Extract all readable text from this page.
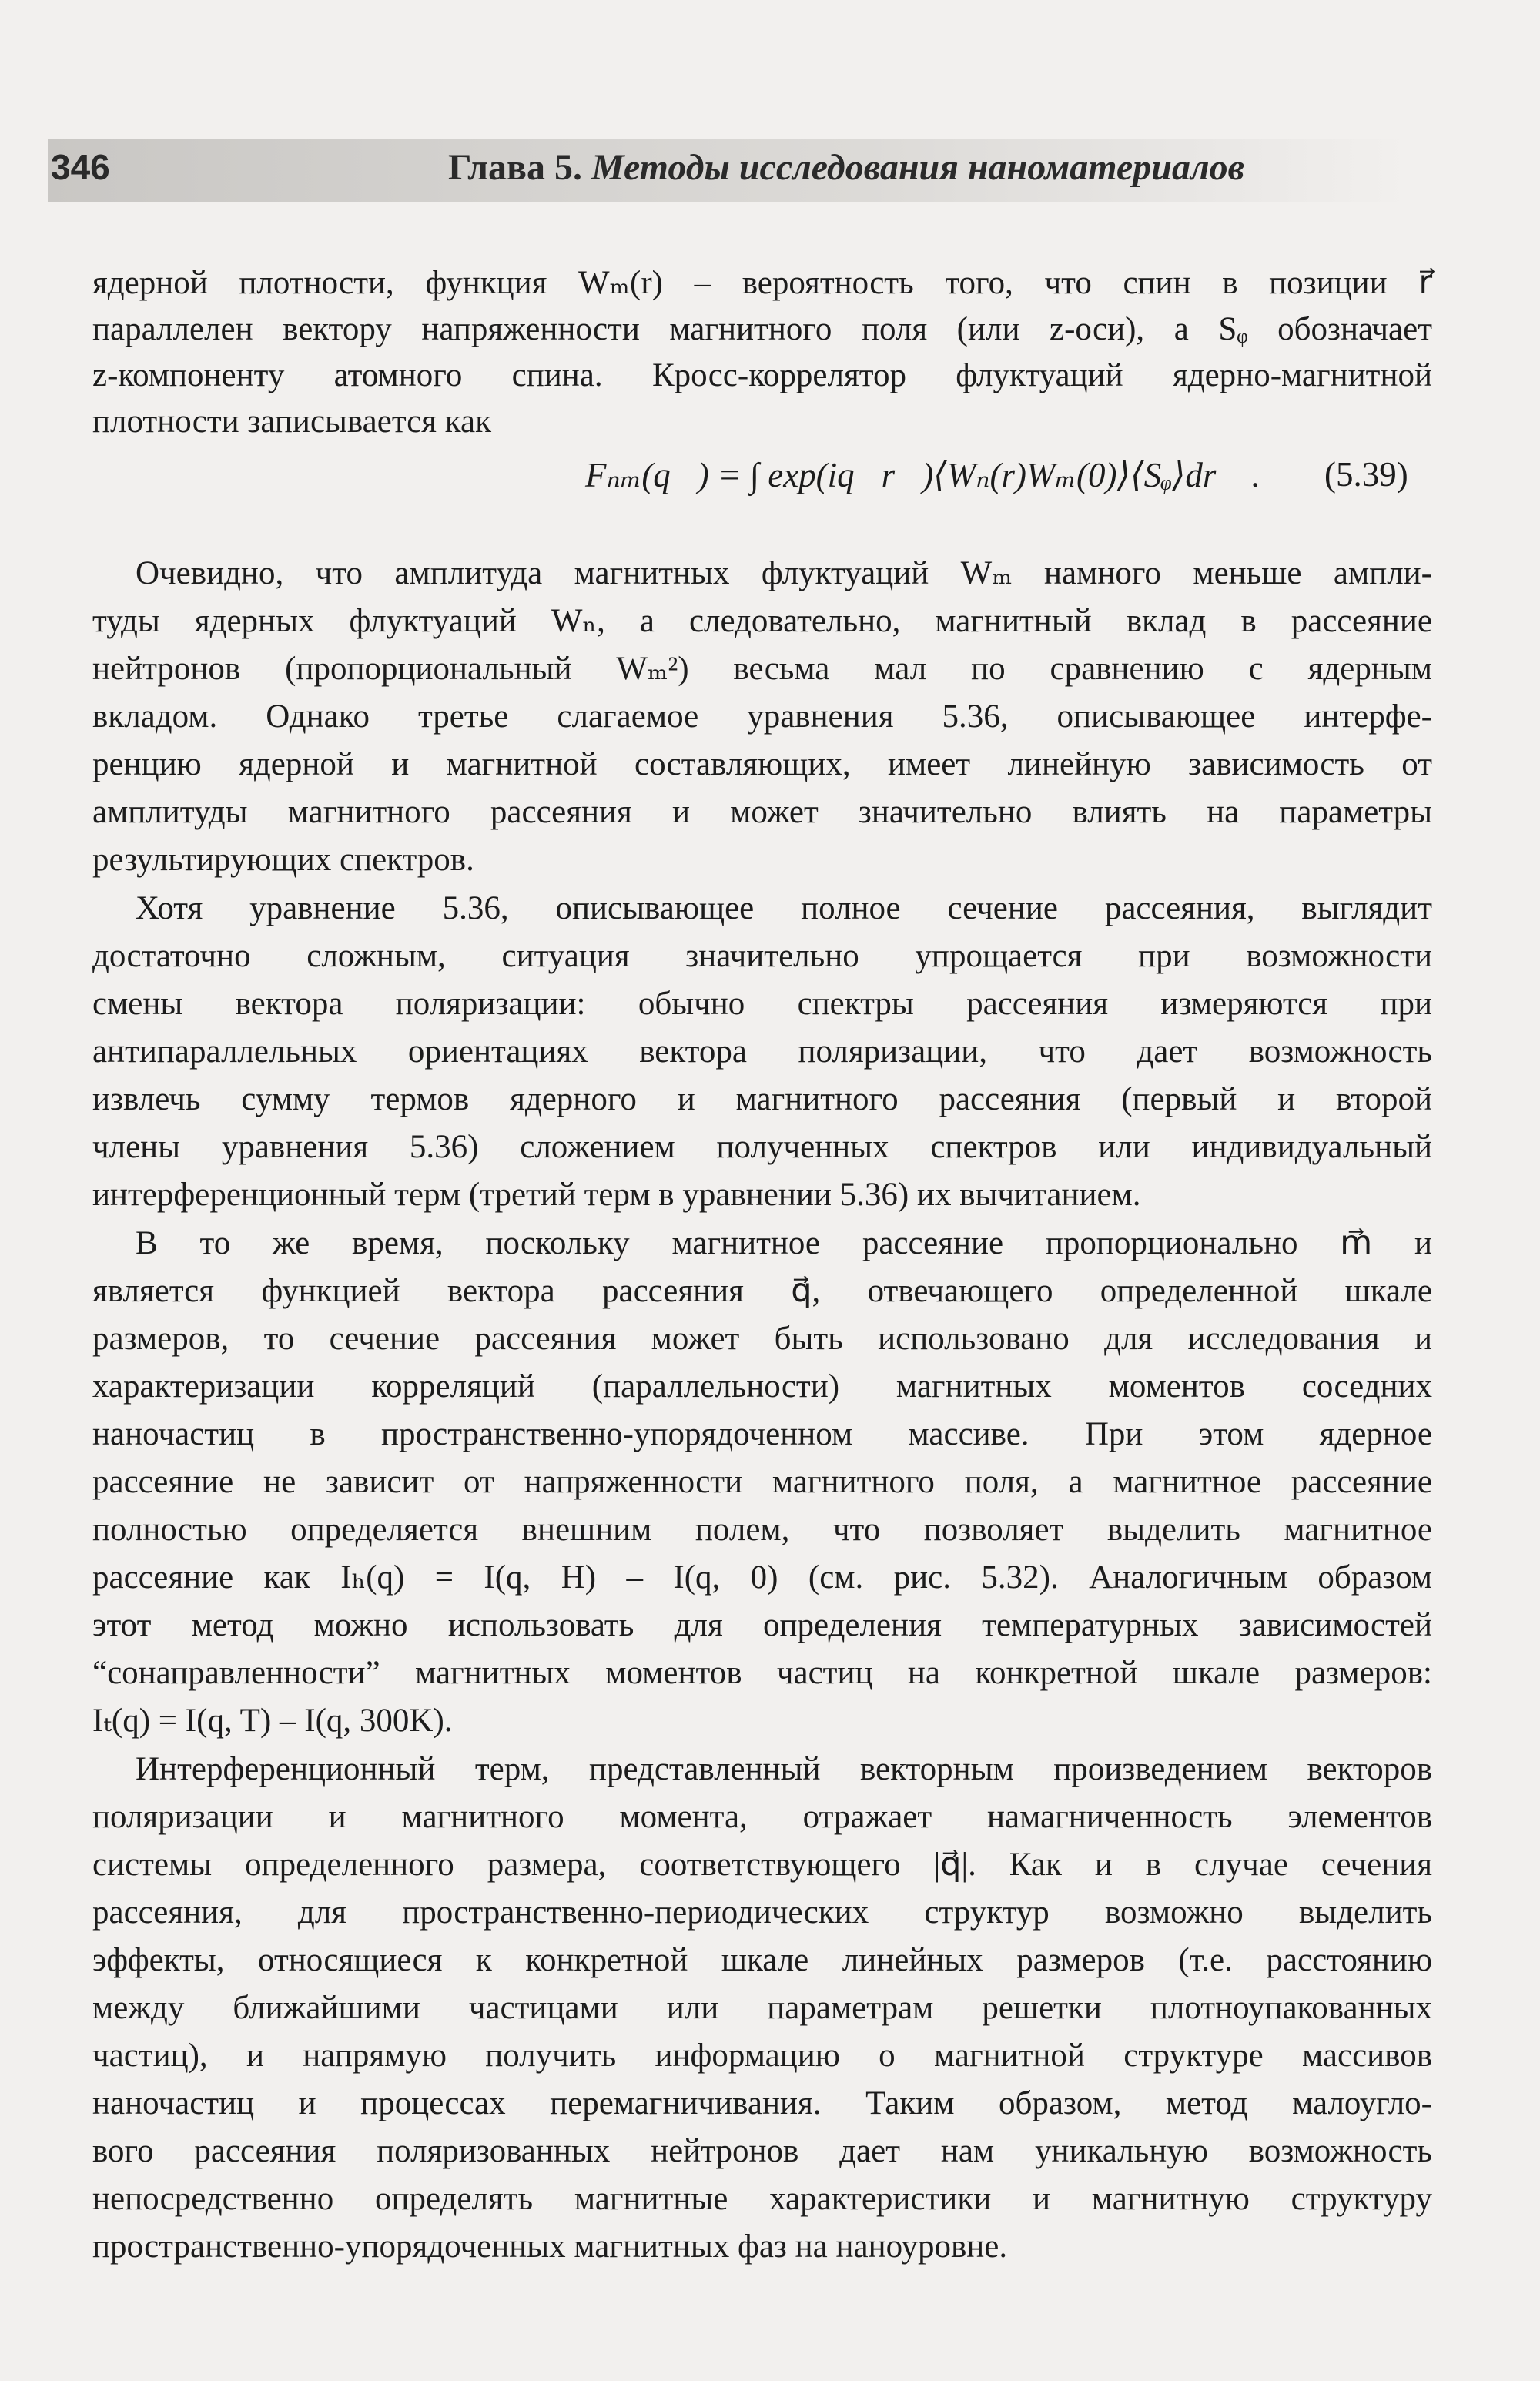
346	Глава 5. Методы исследования наноматериалов
ядерной плотности, функция Wₘ(r) – вероятность того, что спин в позиции r⃗
параллелен вектору напряженности магнитного поля (или z-оси), а Sᵩ обозначает
z-компоненту атомного спина. Кросс-коррелятор флуктуаций ядерно-магнитной
плотности записывается как
Fₙₘ(q⃗) = ∫ exp(iq⃗r⃗)⟨Wₙ(r)Wₘ(0)⟩⟨Sᵩ⟩dr⃗ . (5.39)
Очевидно, что амплитуда магнитных флуктуаций Wₘ намного меньше ампли-
туды ядерных флуктуаций Wₙ, а следовательно, магнитный вклад в рассеяние
нейтронов (пропорциональный Wₘ²) весьма мал по сравнению с ядерным
вкладом. Однако третье слагаемое уравнения 5.36, описывающее интерфе-
ренцию ядерной и магнитной составляющих, имеет линейную зависимость от
амплитуды магнитного рассеяния и может значительно влиять на параметры
результирующих спектров.
Хотя уравнение 5.36, описывающее полное сечение рассеяния, выглядит
достаточно сложным, ситуация значительно упрощается при возможности
смены вектора поляризации: обычно спектры рассеяния измеряются при
антипараллельных ориентациях вектора поляризации, что дает возможность
извлечь сумму термов ядерного и магнитного рассеяния (первый и второй
члены уравнения 5.36) сложением полученных спектров или индивидуальный
интерференционный терм (третий терм в уравнении 5.36) их вычитанием.
В то же время, поскольку магнитное рассеяние пропорционально m⃗ и
является функцией вектора рассеяния q⃗, отвечающего определенной шкале
размеров, то сечение рассеяния может быть использовано для исследования и
характеризации корреляций (параллельности) магнитных моментов соседних
наночастиц в пространственно-упорядоченном массиве. При этом ядерное
рассеяние не зависит от напряженности магнитного поля, а магнитное рассеяние
полностью определяется внешним полем, что позволяет выделить магнитное
рассеяние как Iₕ(q) = I(q, H) – I(q, 0) (см. рис. 5.32). Аналогичным образом
этот метод можно использовать для определения температурных зависимостей
“сонаправленности” магнитных моментов частиц на конкретной шкале размеров:
Iₜ(q) = I(q, T) – I(q, 300K).
Интерференционный терм, представленный векторным произведением векторов
поляризации и магнитного момента, отражает намагниченность элементов
системы определенного размера, соответствующего |q⃗|. Как и в случае сечения
рассеяния, для пространственно-периодических структур возможно выделить
эффекты, относящиеся к конкретной шкале линейных размеров (т.е. расстоянию
между ближайшими частицами или параметрам решетки плотноупакованных
частиц), и напрямую получить информацию о магнитной структуре массивов
наночастиц и процессах перемагничивания. Таким образом, метод малоугло-
вого рассеяния поляризованных нейтронов дает нам уникальную возможность
непосредственно определять магнитные характеристики и магнитную структуру
пространственно-упорядоченных магнитных фаз на наноуровне.
